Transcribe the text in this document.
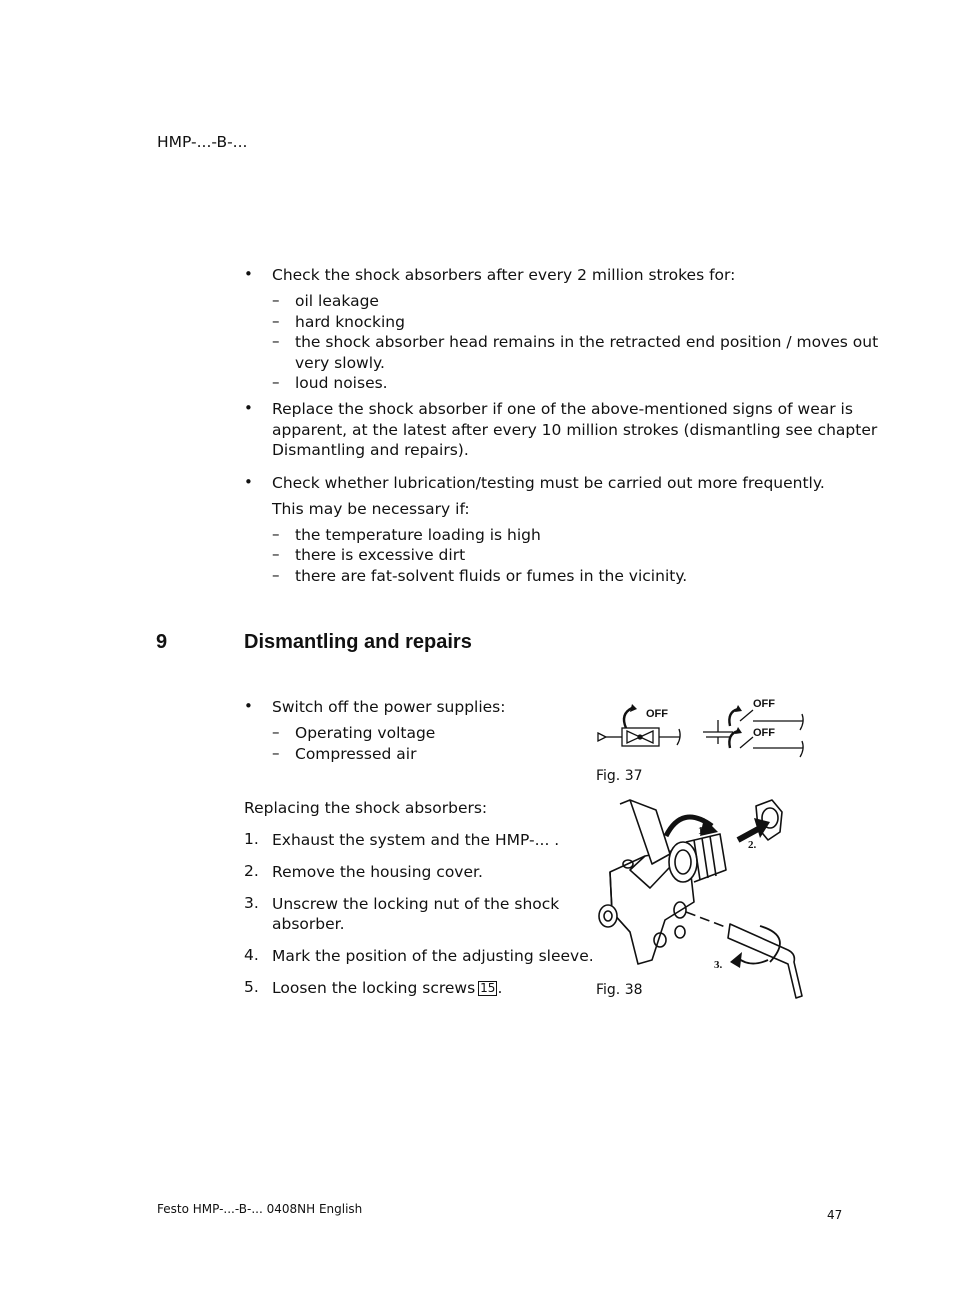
HMP-...-B-...
• Check the shock absorbers after every 2 million strokes for:
– oil leakage
– hard knocking
– the shock absorber head remains in the retracted end position / moves out
very slowly.
– loud noises.
• Replace the shock absorber if one of the above-mentioned signs of wear is
apparent, at the latest after every 10 million strokes (dismantling see chapter
Dismantling and repairs).
• Check whether lubrication/testing must be carried out more frequently.
This may be necessary if:
– the temperature loading is high
– there is excessive dirt
– there are fat-solvent fluids or fumes in the vicinity.
9	Dismantling and repairs
• Switch off the power supplies:
– Operating voltage
– Compressed air
Replacing the shock absorbers:
1. Exhaust the system and the HMP-... .
2. Remove the housing cover.
3. Unscrew the locking nut of the shock
absorber.
4. Mark the position of the adjusting sleeve.
5. Loosen the locking screws 15 .
OFF
OFF
OFF
Fig. 37
1.
2.
3.
Fig. 38
Festo HMP-...-B-... 0408NH English	47
